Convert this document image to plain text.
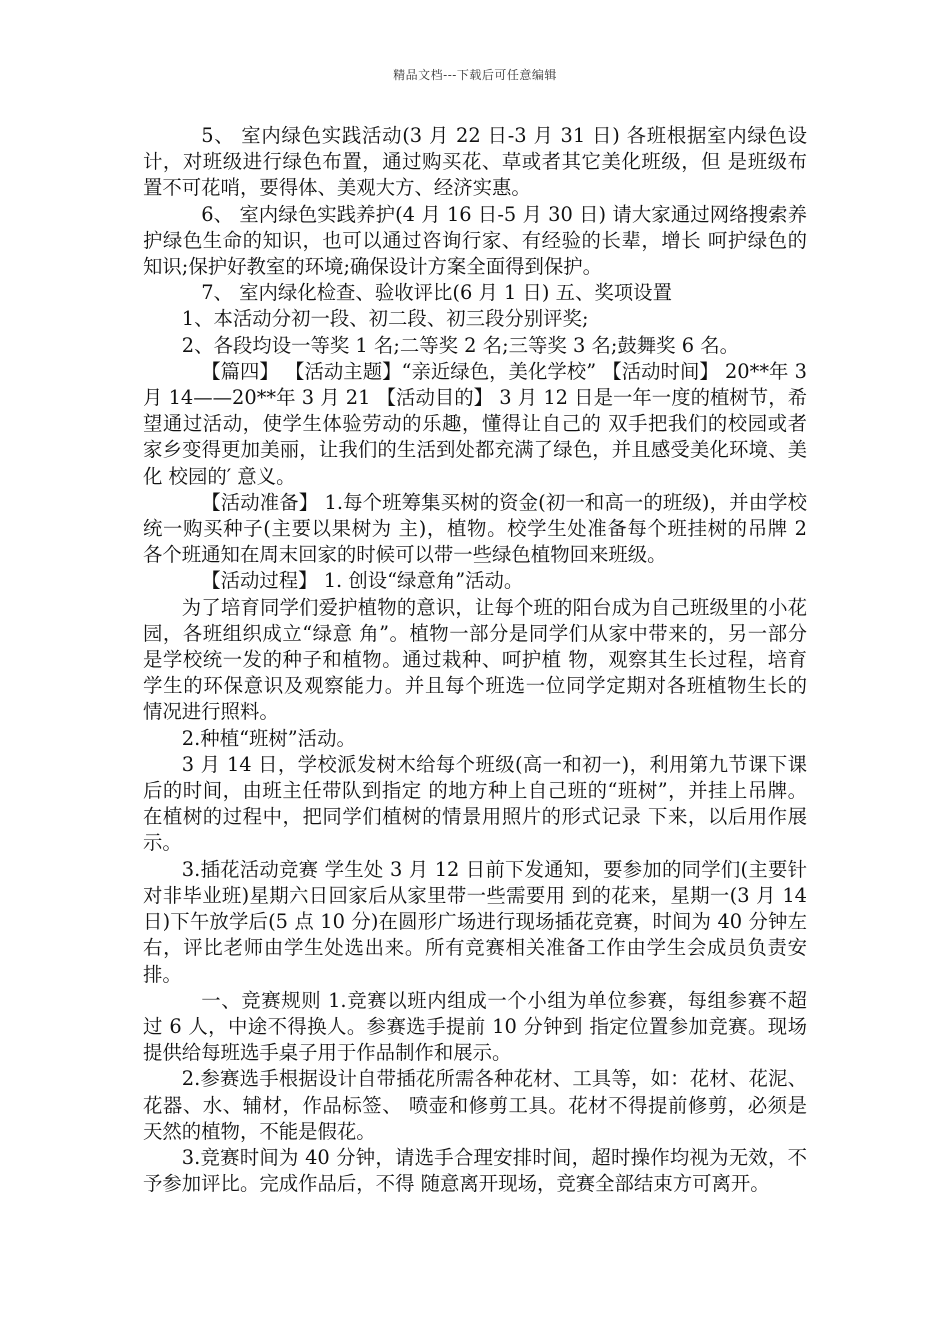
精品文档---下载后可任意编辑

5、 室内绿色实践活动(3 月 22 日-3 月 31 日) 各班根据室内绿色设计，对班级进行绿色布置，通过购买花、草或者其它美化班级，但 是班级布置不可花哨，要得体、美观大方、经济实惠。

6、 室内绿色实践养护(4 月 16 日-5 月 30 日) 请大家通过网络搜索养护绿色生命的知识，也可以通过咨询行家、有经验的长辈，增长 呵护绿色的知识;保护好教室的环境;确保设计方案全面得到保护。

7、 室内绿化检查、验收评比(6 月 1 日) 五、奖项设置

1、本活动分初一段、初二段、初三段分别评奖;

2、各段均设一等奖 1 名;二等奖 2 名;三等奖 3 名;鼓舞奖 6 名。

【篇四】 【活动主题】“亲近绿色，美化学校” 【活动时间】 20**年 3 月 14——20**年 3 月 21 【活动目的】 3 月 12 日是一年一度的植树节，希望通过活动，使学生体验劳动的乐趣，懂得让自己的 双手把我们的校园或者家乡变得更加美丽，让我们的生活到处都充满了绿色，并且感受美化环境、美化 校园的′ 意义。

【活动准备】 1.每个班筹集买树的资金(初一和高一的班级)，并由学校统一购买种子(主要以果树为 主)，植物。校学生处准备每个班挂树的吊牌 2 各个班通知在周末回家的时候可以带一些绿色植物回来班级。

【活动过程】 1. 创设“绿意角”活动。

为了培育同学们爱护植物的意识，让每个班的阳台成为自己班级里的小花园，各班组织成立“绿意 角”。植物一部分是同学们从家中带来的，另一部分是学校统一发的种子和植物。通过栽种、呵护植 物，观察其生长过程，培育学生的环保意识及观察能力。并且每个班选一位同学定期对各班植物生长的 情况进行照料。

2.种植“班树”活动。

3 月 14 日，学校派发树木给每个班级(高一和初一)，利用第九节课下课后的时间，由班主任带队到指定 的地方种上自己班的“班树”，并挂上吊牌。在植树的过程中，把同学们植树的情景用照片的形式记录 下来，以后用作展示。

3.插花活动竞赛 学生处 3 月 12 日前下发通知，要参加的同学们(主要针对非毕业班)星期六日回家后从家里带一些需要用 到的花来，星期一(3 月 14 日)下午放学后(5 点 10 分)在圆形广场进行现场插花竞赛，时间为 40 分钟左 右，评比老师由学生处选出来。所有竞赛相关准备工作由学生会成员负责安排。

一、竞赛规则 1.竞赛以班内组成一个小组为单位参赛，每组参赛不超过 6 人，中途不得换人。参赛选手提前 10 分钟到 指定位置参加竞赛。现场提供给每班选手桌子用于作品制作和展示。

2.参赛选手根据设计自带插花所需各种花材、工具等，如：花材、花泥、花器、水、辅材，作品标签、 喷壶和修剪工具。花材不得提前修剪，必须是天然的植物，不能是假花。

3.竞赛时间为 40 分钟，请选手合理安排时间，超时操作均视为无效，不予参加评比。完成作品后，不得 随意离开现场，竞赛全部结束方可离开。
